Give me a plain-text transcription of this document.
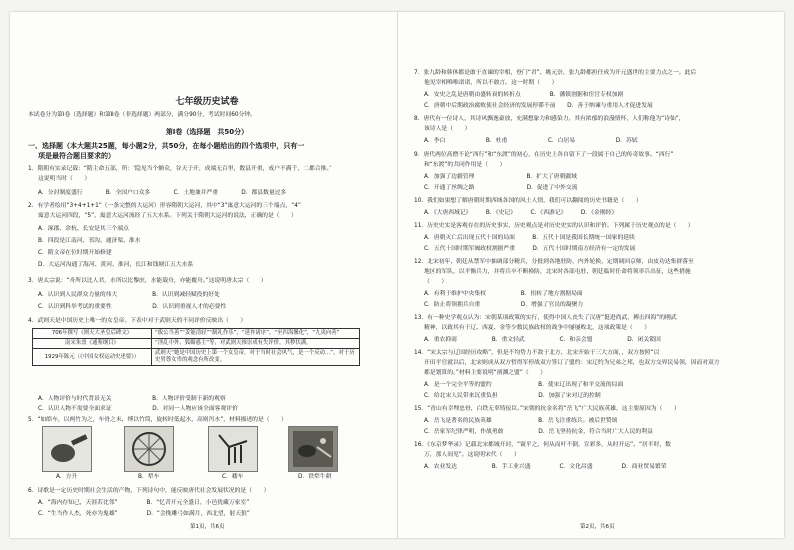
七年级历史试卷
本试卷分为第Ⅰ卷（选择题）和第Ⅱ卷（非选择题）两部分，满分90分，考试时间60分钟。
第Ⅰ卷（选择题　共50分）
一、选择题（本大题共25题，每小题2分，共50分，在每小题给出的四个选项中，只有一
项是最符合题目要求的）
1．隋朝有实录记载：“隋主命五部，所：‘隐见当个额众，谷天于开，成端无百里，数县开重，戒户不满千，二都合推。’
这说明当时（　　）
A．分封制度盛行　　　　B．全国户口众多　　　　C．土地兼并严重　　　　D．都县数量过多
2．有学者绘用“3+4+1+1”（一条完整的大运河）形容隋朝大运河，其中“3”寓意大运河的三个端点，“4”
寓意大运河四段，“5”，寓意大运河流经了五大水系。下列关于隋朝大运河的说法，正确的是（　　）
A．涿郡、余杭、长安是其三个端点
B．四段是江南河、邗沟、通济渠、淮水
C．隋文帝在位时期开始修建
D．大运河沟通了海河、黄河、淮河、长江和钱塘江五大水系
3．唐太宗说：“舟所以比人君，水所以比黎庶，水能载舟，亦能覆舟。”这说明唐太宗（　　）
A．认识到人民群众力量的伟大　　　　　　B．认识到减轻赋役的好处
C．认识到科举考试的重要性　　　　　　　D．认识到重视人才的必要性
4．武则天是中国历史上唯一的女皇帝。下表中对于武则天的不同评价反映出（　　）
706年撰写《则天大圣皇后碑文》	“拔公当善”“妥能清轻”“制礼作乐”，“延祚诸序”，“至四海馨化”，“九夷向善”
南宋朱熹《通鉴纲目》	“淫乱中外，狐媚惑主”等，对武则天推崇成有失评价，其秽状满。
1929年陈元（《中国女权运动史述要》）	武则天“她是中国历史上第一个女皇帝，对于当时社会风气，是一个反动…”，对于历史男尊女卑的观念有所改变。
A．人物评价与时代背景无关　　　　　　　B．人物评价受制于新的观察
C．认识人物不需要全面求证　　　　　　　D．对同一人物应该全面客观评价
5．“如皓车，以两竹为之，车骨之末，缚以竹筒，旋转时低起水，高则泻水”，材料描述的是（　　）
A．方升	B．犁车	C．耧车	D．铁犁牛耕
6．诗歌是一定历史时期社会生活的产物，下列诗句中，能反映唐代社会发展状况的是（　　）
A．“海内存知己，天涯若比邻”　　　　　B．“忆昔开元全盛日，小邑犹藏万家室”
C．“生当作人杰，死亦为鬼雄”　　　　　D．“会挽雕弓如满月，西北望，射天狼”
第1页，共6页
7．张九龄和韩休都是敢于直谏的宰相，登门“君”、姚元崇，张九龄都担任成为开元盛世的主要力点之一。此后
他见宰相唯唯诺诺，所以不敢言。这一时期（　　）
A．安史之乱是唐朝由盛转衰的转折点　　　　　B．藩镇割据和宦官专权加剧
C．唐朝中后期政治腐败使社会经济的发展停滞不前　　D．善于纳谏与重用人才促进发展
8．唐代有一位诗人，其诗风飘逸豪放，充满想象力和感染力，其有浓郁的浪漫情怀，人们称他为“诗仙”，
该诗人是（　　）
A．李白　　　　　　　B．杜甫　　　　　　　C．白居易　　　　　　　D．苏轼
9．唐代两位高僧不论“西行”和“东渡”的初心，在历史上各自留下了一段属于自己的传奇故事。“西行”
和“东渡”的共同作用是（　　）
A．加强了边疆管理　　　　　　　　　B．扩大了唐朝疆域
C．开通了丝绸之路　　　　　　　　　D．促进了中外交流
10．我们如果想了解唐朝时期西域各国的风土人情，我们可以翻阅的历史书籍是（　　）
A．《大唐西域记》　　　B．《史记》　　　C．《西游记》　　　D．《金刚经》
11．历史史实是客观存在的历史事实，历史观点是对历史史实的认识和评价。下列属于历史观点的是（　　）
A．唐朝灭亡后出现五代十国的局面　　　B．五代十国是我国长期统一国家的延续
C．五代十国时期军阀政权割据严重　　　D．五代十国时期南方经济有一定的发展
12．北宋初年，朝廷从禁军中抽调部分精兵，分批到各地驻防，内外轮换，定期调回京师，由皮功达集群落至
地区的军队，以平衡兵力，并将兵卒不断换防，北宋时各部屯驻，朝廷临时任命将领率兵出征，这些措施
（　　）
A．有利于维护中央集权　　　　　　B．扭转了地方割据局面
C．防止将领拥兵自重　　　　　　　D．增强了官员的凝聚力
13．有一种史学观点认为：宋朝某项政策的实行，使得中国人丧失了汉唐“挺进尚武，搏击四海”的刚武
精神，以致其有于辽、西夏、金等少数民族政权的战争中屡屡败北，这项政策是（　　）
A．重农抑商　　　　　　B．重文轻武　　　　　　C．和亲会盟　　　　　　D．闭关锁国
14．“宋太宗与辽国经历攻略”，但是不均势力不敌于北方，北宋开始于三大方面，，双方按照“以
开田平官就以后，北宋则成从双方暂得军停战双方签订了盟约：宋辽约为兄弟之邦，也双方交界民易领，因而对双方
都是划算的。”材料主要说明“澶渊之盟”（　　）
A．是一个完全平等的盟约　　　　　　　　B．使宋辽出现了和平交流的局面
C．给北宋人民带来沉重负担　　　　　　　D．加强了宋对辽的控制
15．“青山有幸埋忠骨，白铁无辜铸佞臣。”宋朝的抗金名将“岳飞”广大民族英雄，这主要原因为（　　）
A．岳飞是著名的民族英雄　　　　　　　　B．岳飞注重练兵。被后世赞颂
C．岳家军纪律严明，作战勇敢　　　　　　D．岳飞坚持抗金，符合当时广大人民的利益
16．《东京梦华录》记载北宋都城开封，“寰平之，何从而叶不倒，宣彩多，从时开运”。“居半时，数
万，那人间见”。这说明宋代（　　）
A．农业发达　　　　　　B．手工业兴盛　　　　　C．文化昌盛　　　　　D．商业贸易繁荣
第2页，共6页
